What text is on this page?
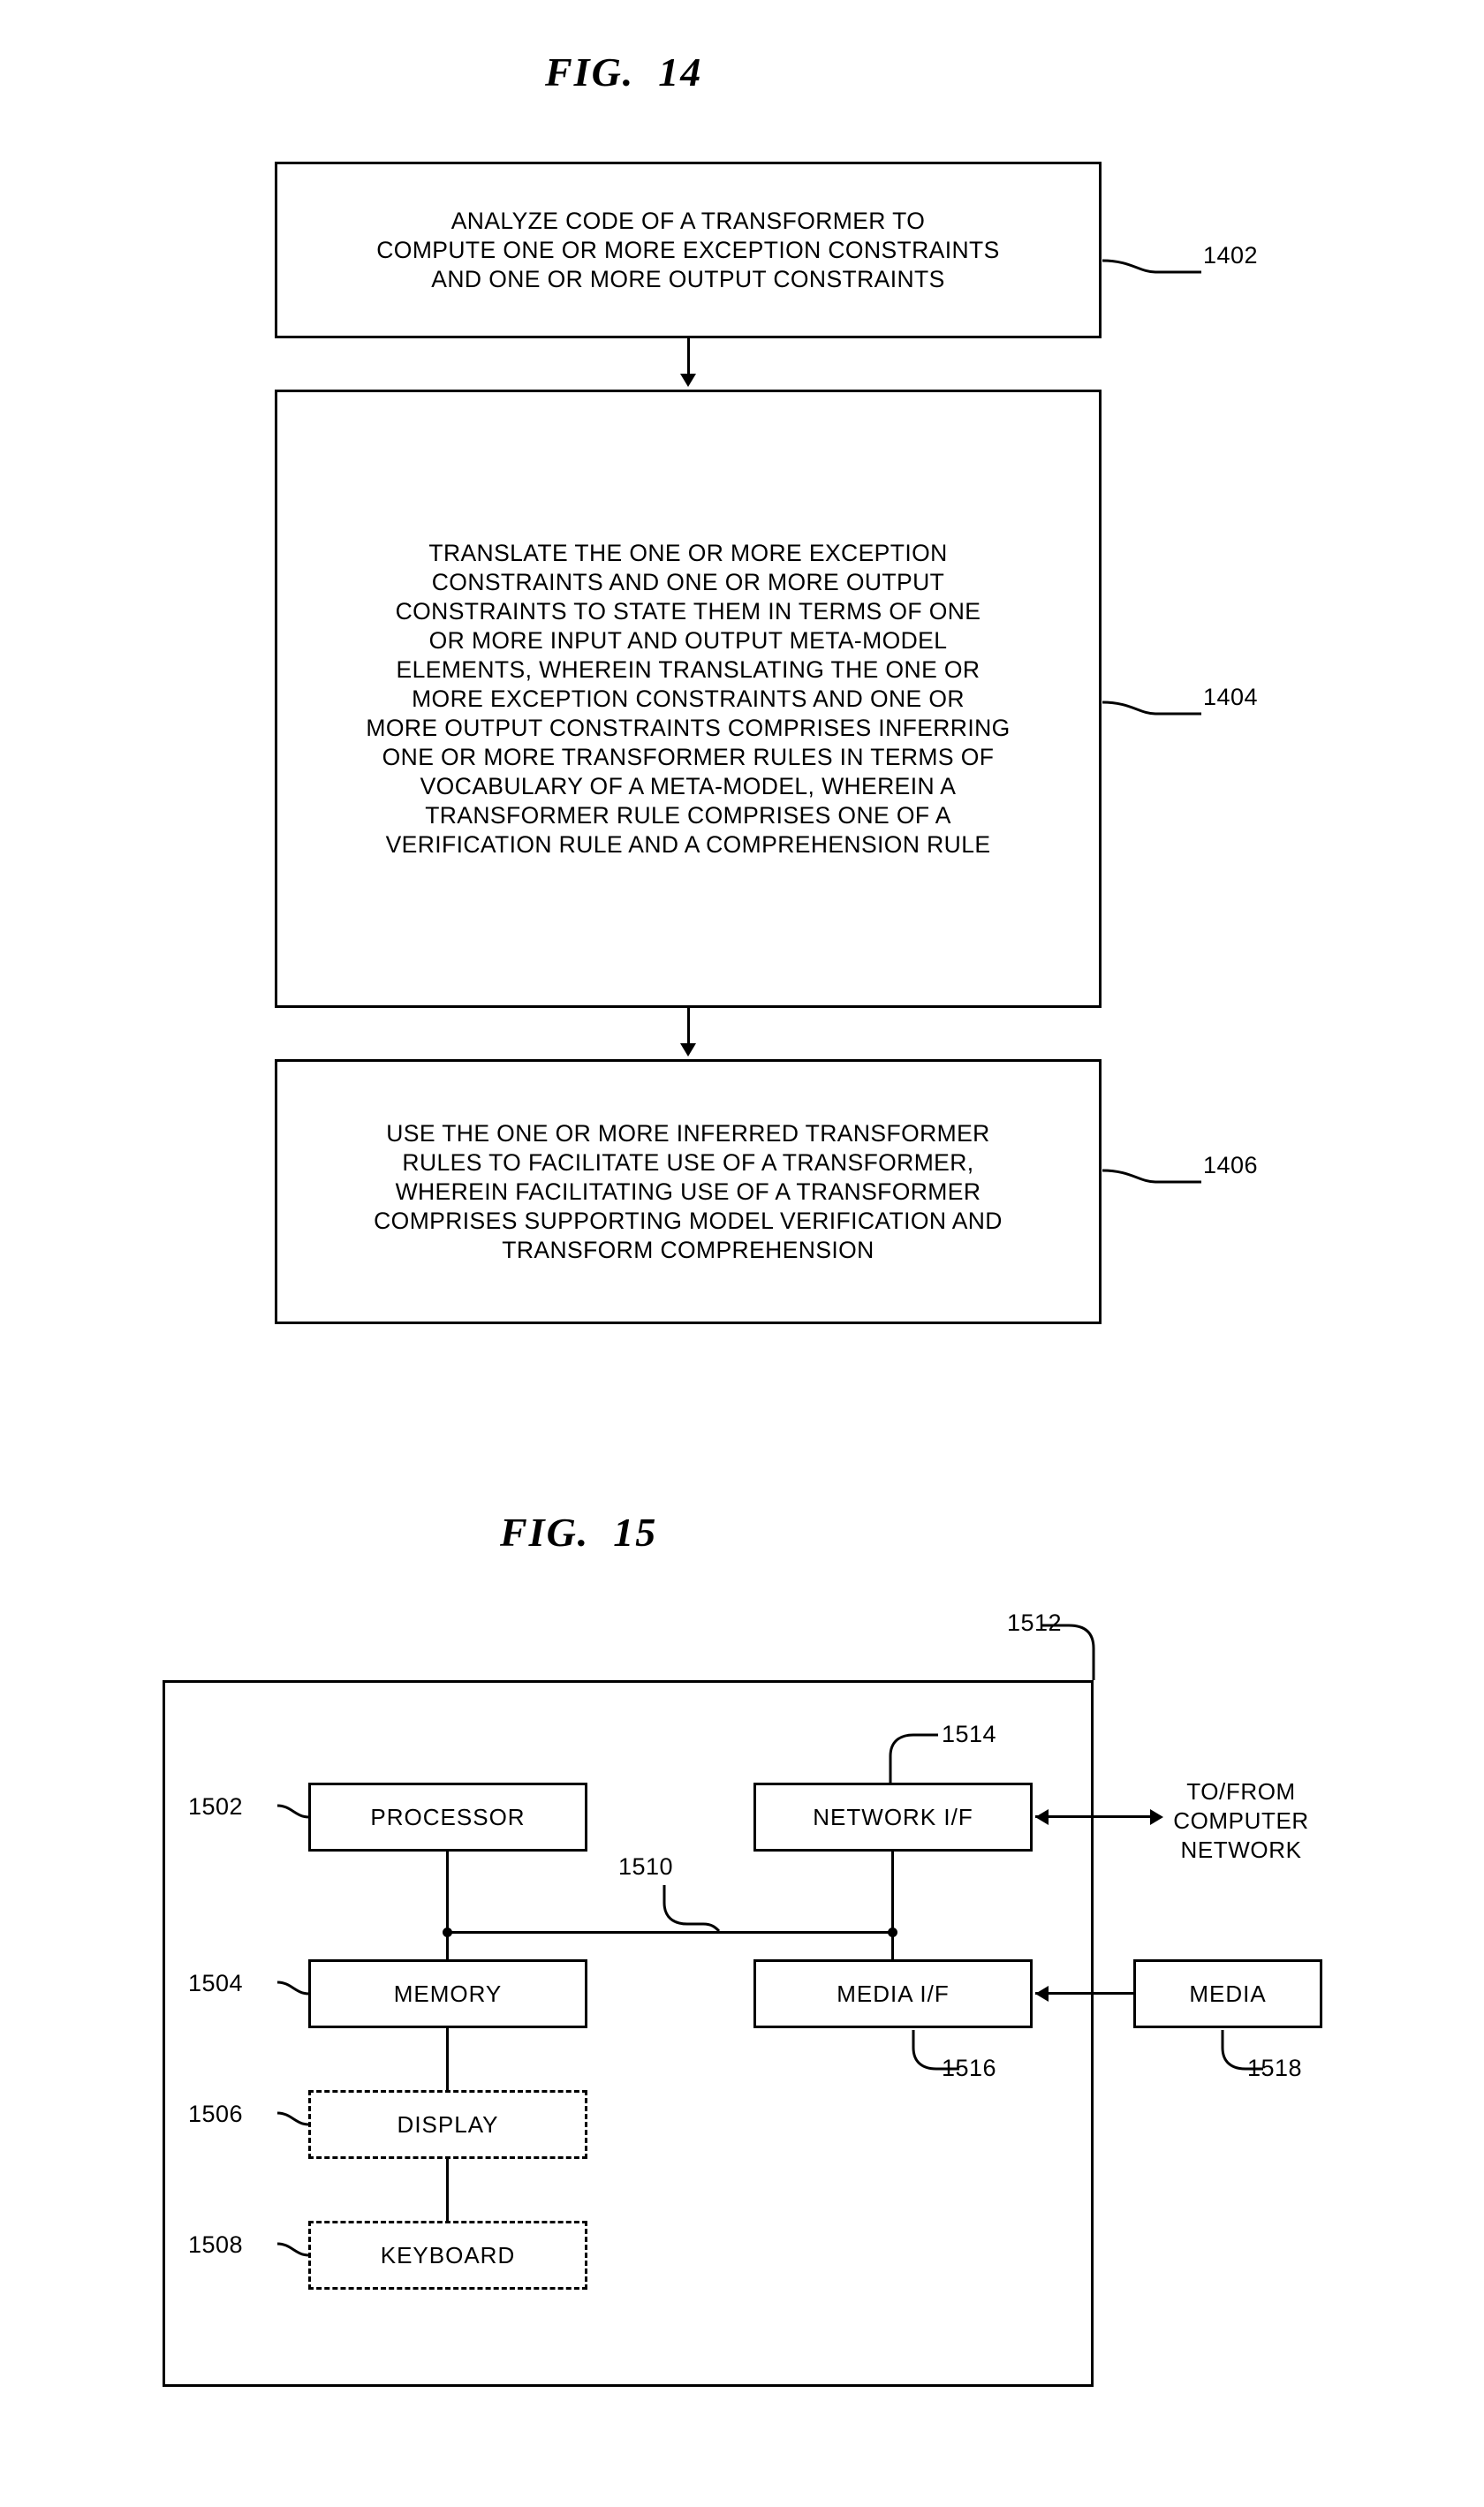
FIG.  14
ANALYZE CODE OF A TRANSFORMER TO
COMPUTE ONE OR MORE EXCEPTION CONSTRAINTS
AND ONE OR MORE OUTPUT CONSTRAINTS
1402
TRANSLATE THE ONE OR MORE EXCEPTION
CONSTRAINTS AND ONE OR MORE OUTPUT
CONSTRAINTS TO STATE THEM IN TERMS OF ONE
OR MORE INPUT AND OUTPUT META-MODEL
ELEMENTS, WHEREIN TRANSLATING THE ONE OR
MORE EXCEPTION CONSTRAINTS AND ONE OR
MORE OUTPUT CONSTRAINTS COMPRISES INFERRING
ONE OR MORE TRANSFORMER RULES IN TERMS OF
VOCABULARY OF A META-MODEL, WHEREIN A
TRANSFORMER RULE COMPRISES ONE OF A
VERIFICATION RULE AND A COMPREHENSION RULE
1404
USE THE ONE OR MORE INFERRED TRANSFORMER
RULES TO FACILITATE USE OF A TRANSFORMER,
WHEREIN FACILITATING USE OF A TRANSFORMER
COMPRISES SUPPORTING MODEL VERIFICATION AND
TRANSFORM COMPREHENSION
1406
FIG.  15
1512
PROCESSOR
1502
MEMORY
1504
DISPLAY
1506
KEYBOARD
1508
NETWORK I/F
1514
MEDIA I/F
1516
MEDIA
1518
1510
TO/FROM
COMPUTER
NETWORK
